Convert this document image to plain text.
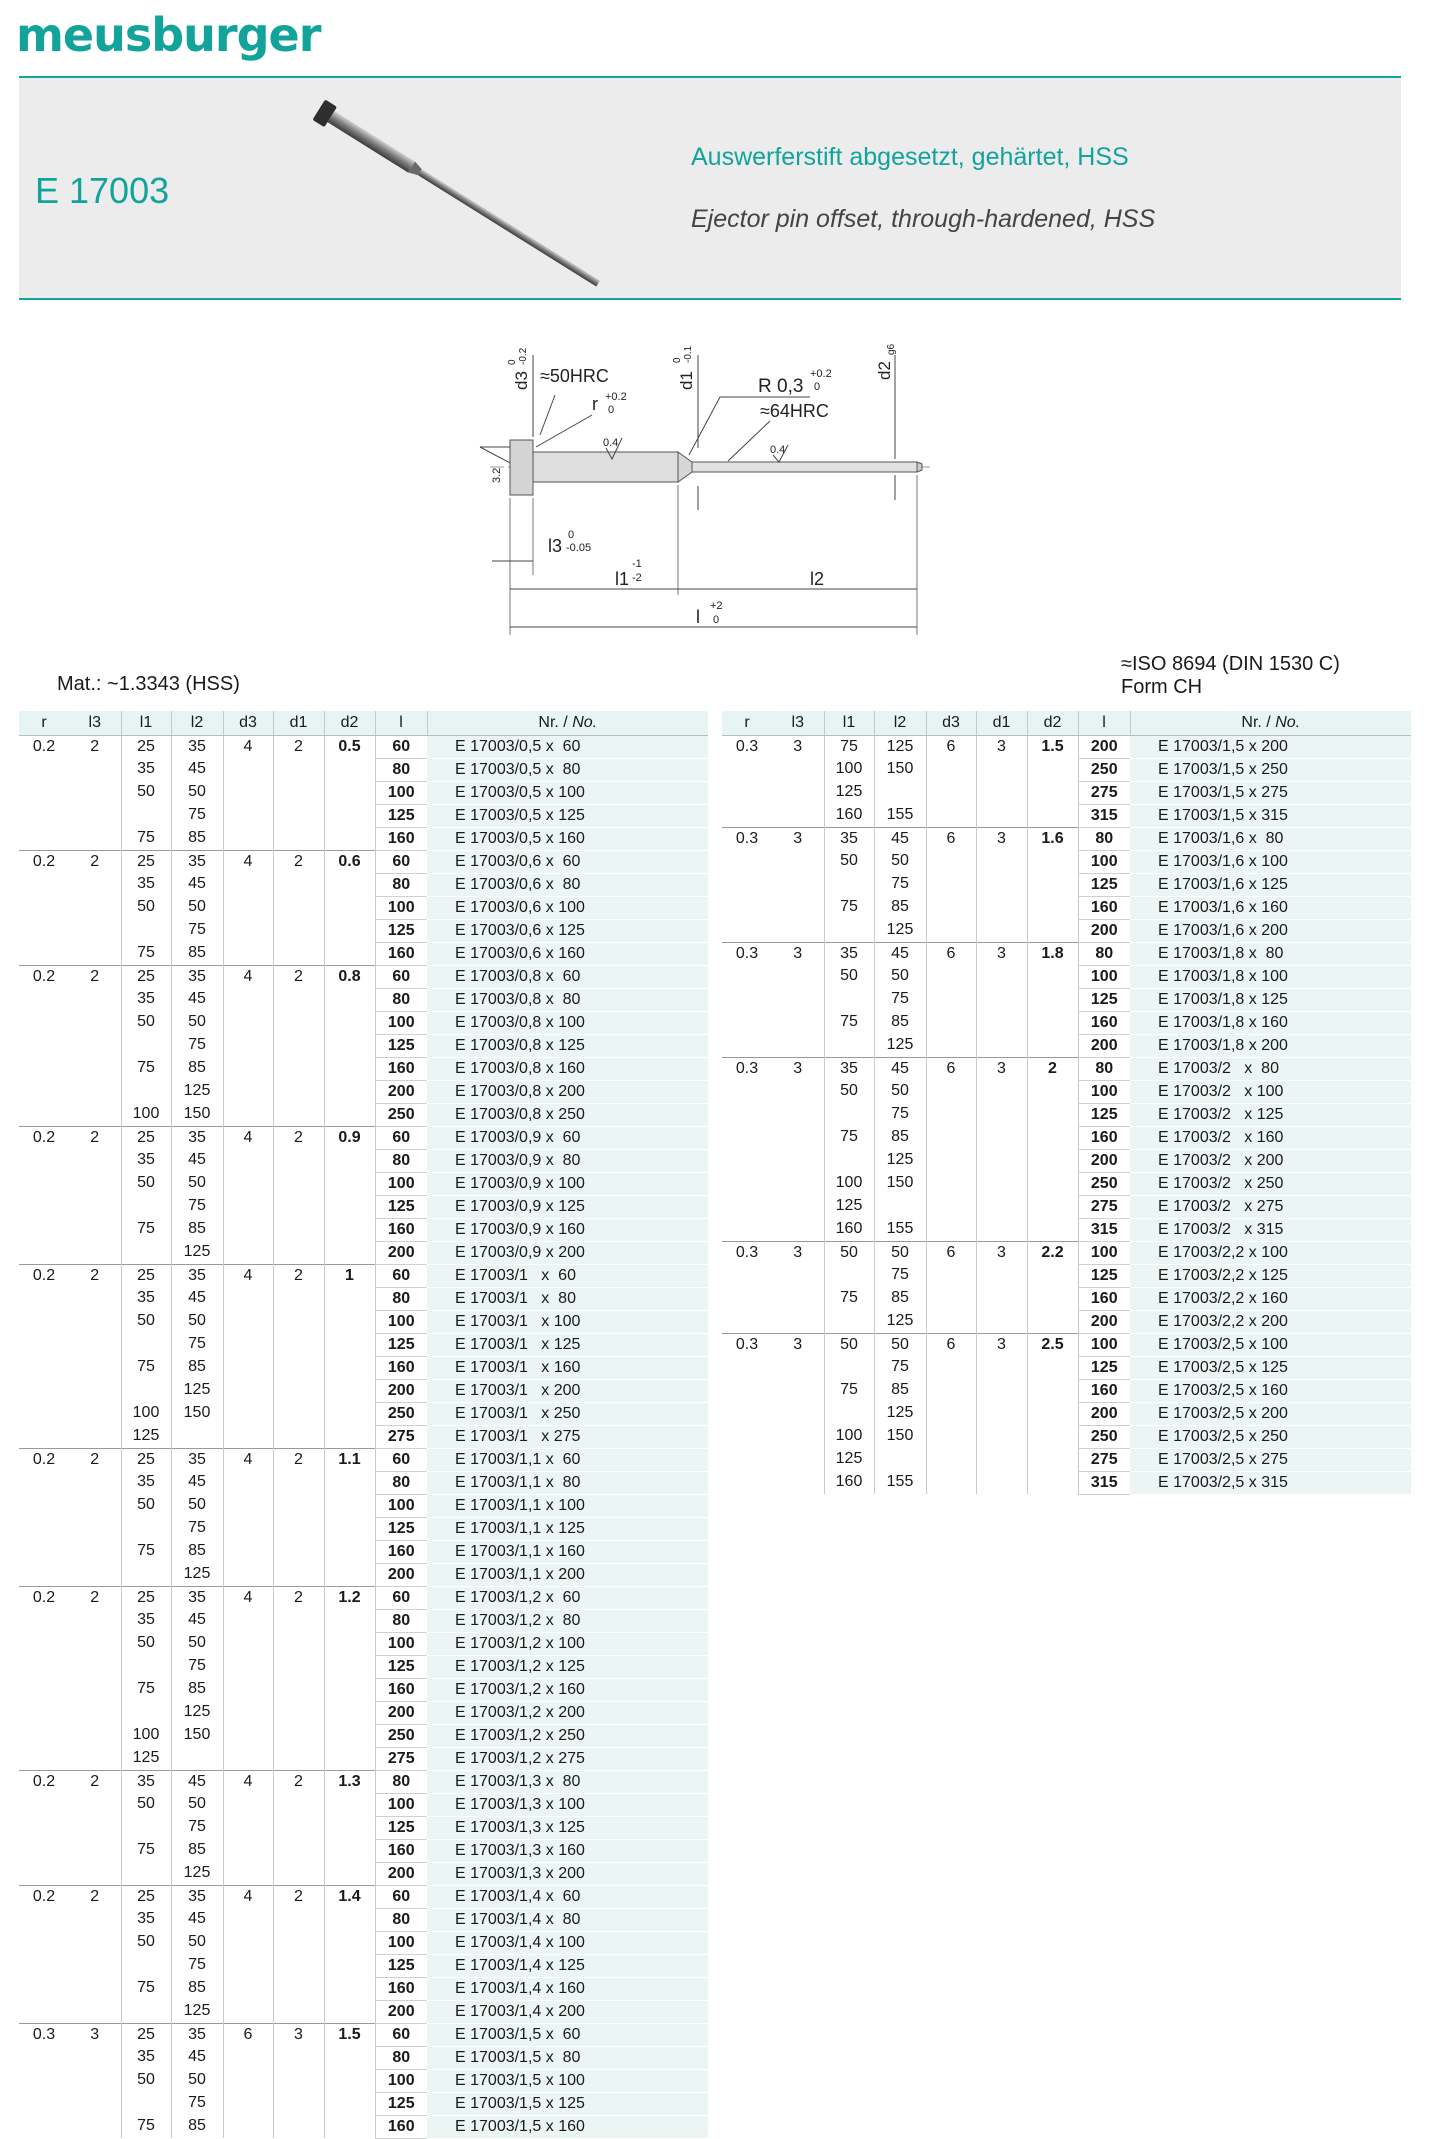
meusburger
E 17003
Auswerferstift abgesetzt, gehärtet, HSS
Ejector pin offset, through-hardened, HSS
d3
0 -0.2
≈50HRC
r +0.2
0
0.4
d1
0 -0.1
R 0,3
+0.2
0
≈64HRC
0.4
d2
g6
3.2
l3
0
-0.05
l1
-1
-2	l2
l
+2
0
Mat.: ~1.3343 (HSS)
≈ISO 8694 (DIN 1530 C)
Form CH
r	l3	l1	l2	d3	d1	d2	l	Nr. / No.
0.2	2	25	35	4	2	0.5	60	E 17003/0,5 x  60
		35	45				80	E 17003/0,5 x  80
		50	50				100	E 17003/0,5 x 100
			75				125	E 17003/0,5 x 125
		75	85				160	E 17003/0,5 x 160
0.2	2	25	35	4	2	0.6	60	E 17003/0,6 x  60
		35	45				80	E 17003/0,6 x  80
		50	50				100	E 17003/0,6 x 100
			75				125	E 17003/0,6 x 125
		75	85				160	E 17003/0,6 x 160
0.2	2	25	35	4	2	0.8	60	E 17003/0,8 x  60
		35	45				80	E 17003/0,8 x  80
		50	50				100	E 17003/0,8 x 100
			75				125	E 17003/0,8 x 125
		75	85				160	E 17003/0,8 x 160
			125				200	E 17003/0,8 x 200
		100	150				250	E 17003/0,8 x 250
0.2	2	25	35	4	2	0.9	60	E 17003/0,9 x  60
		35	45				80	E 17003/0,9 x  80
		50	50				100	E 17003/0,9 x 100
			75				125	E 17003/0,9 x 125
		75	85				160	E 17003/0,9 x 160
			125				200	E 17003/0,9 x 200
0.2	2	25	35	4	2	1	60	E 17003/1   x  60
		35	45				80	E 17003/1   x  80
		50	50				100	E 17003/1   x 100
			75				125	E 17003/1   x 125
		75	85				160	E 17003/1   x 160
			125				200	E 17003/1   x 200
		100	150				250	E 17003/1   x 250
		125					275	E 17003/1   x 275
0.2	2	25	35	4	2	1.1	60	E 17003/1,1 x  60
		35	45				80	E 17003/1,1 x  80
		50	50				100	E 17003/1,1 x 100
			75				125	E 17003/1,1 x 125
		75	85				160	E 17003/1,1 x 160
			125				200	E 17003/1,1 x 200
0.2	2	25	35	4	2	1.2	60	E 17003/1,2 x  60
		35	45				80	E 17003/1,2 x  80
		50	50				100	E 17003/1,2 x 100
			75				125	E 17003/1,2 x 125
		75	85				160	E 17003/1,2 x 160
			125				200	E 17003/1,2 x 200
		100	150				250	E 17003/1,2 x 250
		125					275	E 17003/1,2 x 275
0.2	2	35	45	4	2	1.3	80	E 17003/1,3 x  80
		50	50				100	E 17003/1,3 x 100
			75				125	E 17003/1,3 x 125
		75	85				160	E 17003/1,3 x 160
			125				200	E 17003/1,3 x 200
0.2	2	25	35	4	2	1.4	60	E 17003/1,4 x  60
		35	45				80	E 17003/1,4 x  80
		50	50				100	E 17003/1,4 x 100
			75				125	E 17003/1,4 x 125
		75	85				160	E 17003/1,4 x 160
			125				200	E 17003/1,4 x 200
0.3	3	25	35	6	3	1.5	60	E 17003/1,5 x  60
		35	45				80	E 17003/1,5 x  80
		50	50				100	E 17003/1,5 x 100
			75				125	E 17003/1,5 x 125
		75	85				160	E 17003/1,5 x 160
r	l3	l1	l2	d3	d1	d2	l	Nr. / No.
0.3	3	75	125	6	3	1.5	200	E 17003/1,5 x 200
		100	150				250	E 17003/1,5 x 250
		125					275	E 17003/1,5 x 275
		160	155				315	E 17003/1,5 x 315
0.3	3	35	45	6	3	1.6	80	E 17003/1,6 x  80
		50	50				100	E 17003/1,6 x 100
			75				125	E 17003/1,6 x 125
		75	85				160	E 17003/1,6 x 160
			125				200	E 17003/1,6 x 200
0.3	3	35	45	6	3	1.8	80	E 17003/1,8 x  80
		50	50				100	E 17003/1,8 x 100
			75				125	E 17003/1,8 x 125
		75	85				160	E 17003/1,8 x 160
			125				200	E 17003/1,8 x 200
0.3	3	35	45	6	3	2	80	E 17003/2   x  80
		50	50				100	E 17003/2   x 100
			75				125	E 17003/2   x 125
		75	85				160	E 17003/2   x 160
			125				200	E 17003/2   x 200
		100	150				250	E 17003/2   x 250
		125					275	E 17003/2   x 275
		160	155				315	E 17003/2   x 315
0.3	3	50	50	6	3	2.2	100	E 17003/2,2 x 100
			75				125	E 17003/2,2 x 125
		75	85				160	E 17003/2,2 x 160
			125				200	E 17003/2,2 x 200
0.3	3	50	50	6	3	2.5	100	E 17003/2,5 x 100
			75				125	E 17003/2,5 x 125
		75	85				160	E 17003/2,5 x 160
			125				200	E 17003/2,5 x 200
		100	150				250	E 17003/2,5 x 250
		125					275	E 17003/2,5 x 275
		160	155				315	E 17003/2,5 x 315
